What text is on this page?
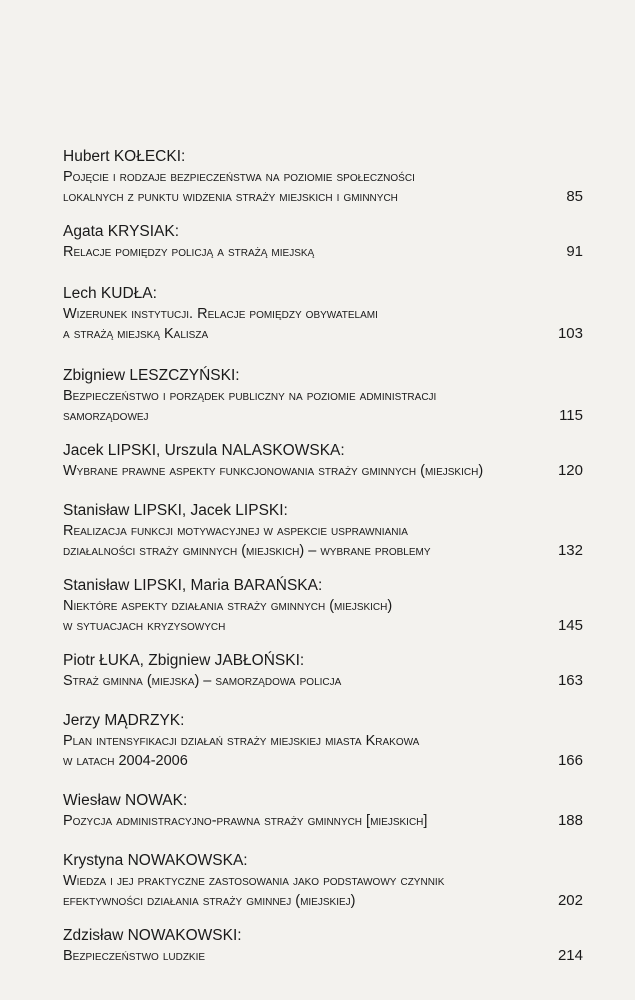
Hubert KOŁECKI:

Pojęcie i rodzaje bezpieczeństwa na poziomie społeczności
lokalnych z punktu widzenia straży miejskich i gminnych	85

Agata KRYSIAK:

Relacje pomiędzy policją a strażą miejską	91

Lech KUDŁA:

Wizerunek instytucji. Relacje pomiędzy obywatelami
a strażą miejską Kalisza	103

Zbigniew LESZCZYŃSKI:

Bezpieczeństwo i porządek publiczny na poziomie administracji
samorządowej	115

Jacek LIPSKI, Urszula NALASKOWSKA:

Wybrane prawne aspekty funkcjonowania straży gminnych (miejskich)	120

Stanisław LIPSKI, Jacek LIPSKI:

Realizacja funkcji motywacyjnej w aspekcie usprawniania
działalności straży gminnych (miejskich) – wybrane problemy	132

Stanisław LIPSKI, Maria BARAŃSKA:

Niektóre aspekty działania straży gminnych (miejskich)
w sytuacjach kryzysowych	145

Piotr ŁUKA, Zbigniew JABŁOŃSKI:

Straż gminna (miejska) – samorządowa policja	163

Jerzy MĄDRZYK:

Plan intensyfikacji działań straży miejskiej miasta Krakowa
w latach 2004-2006	166

Wiesław NOWAK:

Pozycja administracyjno-prawna straży gminnych [miejskich]	188

Krystyna NOWAKOWSKA:

Wiedza i jej praktyczne zastosowania jako podstawowy czynnik
efektywności działania straży gminnej (miejskiej)	202

Zdzisław NOWAKOWSKI:

Bezpieczeństwo ludzkie	214
